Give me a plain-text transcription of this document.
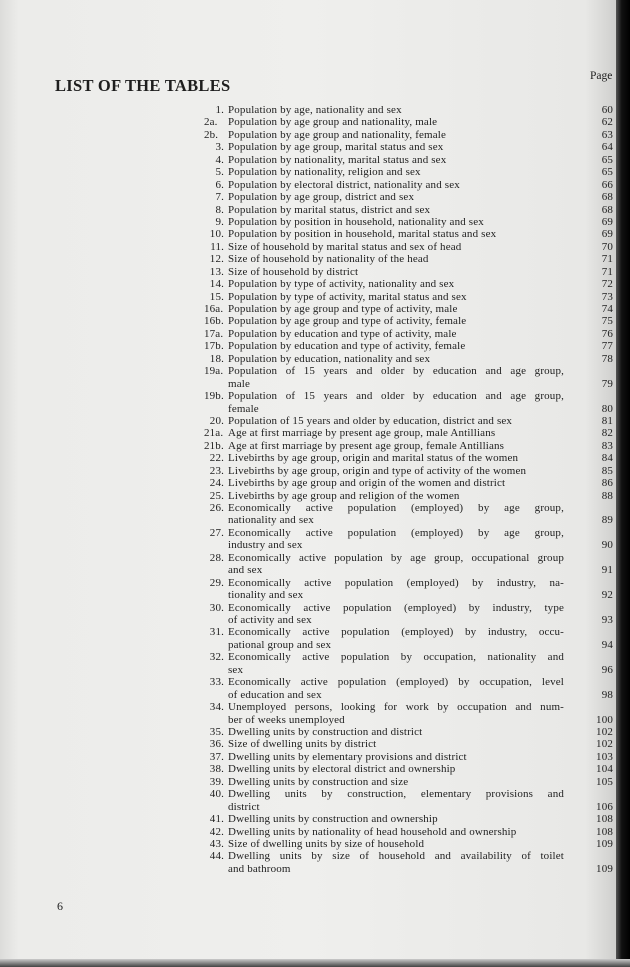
LIST OF THE TABLES	Page
1. Population by age, nationality and sex	60
2a. Population by age group and nationality, male	62
2b. Population by age group and nationality, female	63
3. Population by age group, marital status and sex	64
4. Population by nationality, marital status and sex	65
5. Population by nationality, religion and sex	65
6. Population by electoral district, nationality and sex	66
7. Population by age group, district and sex	68
8. Population by marital status, district and sex	68
9. Population by position in household, nationality and sex	69
10. Population by position in household, marital status and sex	69
11. Size of household by marital status and sex of head	70
12. Size of household by nationality of the head	71
13. Size of household by district	71
14. Population by type of activity, nationality and sex	72
15. Population by type of activity, marital status and sex	73
16a. Population by age group and type of activity, male	74
16b. Population by age group and type of activity, female	75
17a. Population by education and type of activity, male	76
17b. Population by education and type of activity, female	77
18. Population by education, nationality and sex	78
19a. Population of 15 years and older by education and age group,
male	79
19b. Population of 15 years and older by education and age group,
female	80
20. Population of 15 years and older by education, district and sex	81
21a. Age at first marriage by present age group, male Antillians	82
21b. Age at first marriage by present age group, female Antillians	83
22. Livebirths by age group, origin and marital status of the women	84
23. Livebirths by age group, origin and type of activity of the women	85
24. Livebirths by age group and origin of the women and district	86
25. Livebirths by age group and religion of the women	88
26. Economically active population (employed) by age group,
nationality and sex	89
27. Economically active population (employed) by age group,
industry and sex	90
28. Economically active population by age group, occupational group
and sex	91
29. Economically active population (employed) by industry, na-
tionality and sex	92
30. Economically active population (employed) by industry, type
of activity and sex	93
31. Economically active population (employed) by industry, occu-
pational group and sex	94
32. Economically active population by occupation, nationality and
sex	96
33. Economically active population (employed) by occupation, level
of education and sex	98
34. Unemployed persons, looking for work by occupation and num-
ber of weeks unemployed	100
35. Dwelling units by construction and district	102
36. Size of dwelling units by district	102
37. Dwelling units by elementary provisions and district	103
38. Dwelling units by electoral district and ownership	104
39. Dwelling units by construction and size	105
40. Dwelling units by construction, elementary provisions and
district	106
41. Dwelling units by construction and ownership	108
42. Dwelling units by nationality of head household and ownership	108
43. Size of dwelling units by size of household	109
44. Dwelling units by size of household and availability of toilet
and bathroom	109
6
